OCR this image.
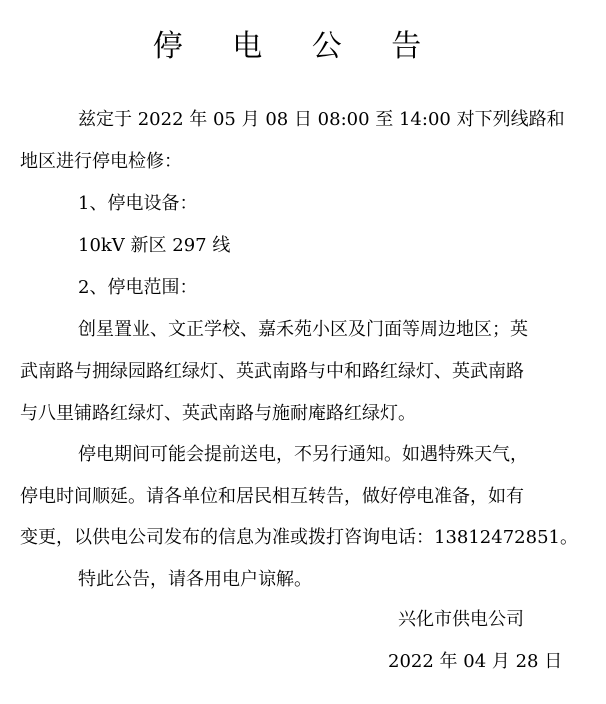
停 电 公 告
兹定于 2022 年 05 月 08 日 08:00 至 14:00 对下列线路和
地区进行停电检修：
1、停电设备：
10kV 新区 297 线
2、停电范围：
创星置业、文正学校、嘉禾苑小区及门面等周边地区；英
武南路与拥绿园路红绿灯、英武南路与中和路红绿灯、英武南路
与八里铺路红绿灯、英武南路与施耐庵路红绿灯。
停电期间可能会提前送电，不另行通知。如遇特殊天气，
停电时间顺延。请各单位和居民相互转告，做好停电准备，如有
变更，以供电公司发布的信息为准或拨打咨询电话：13812472851。
特此公告，请各用电户谅解。
兴化市供电公司
2022 年 04 月 28 日
